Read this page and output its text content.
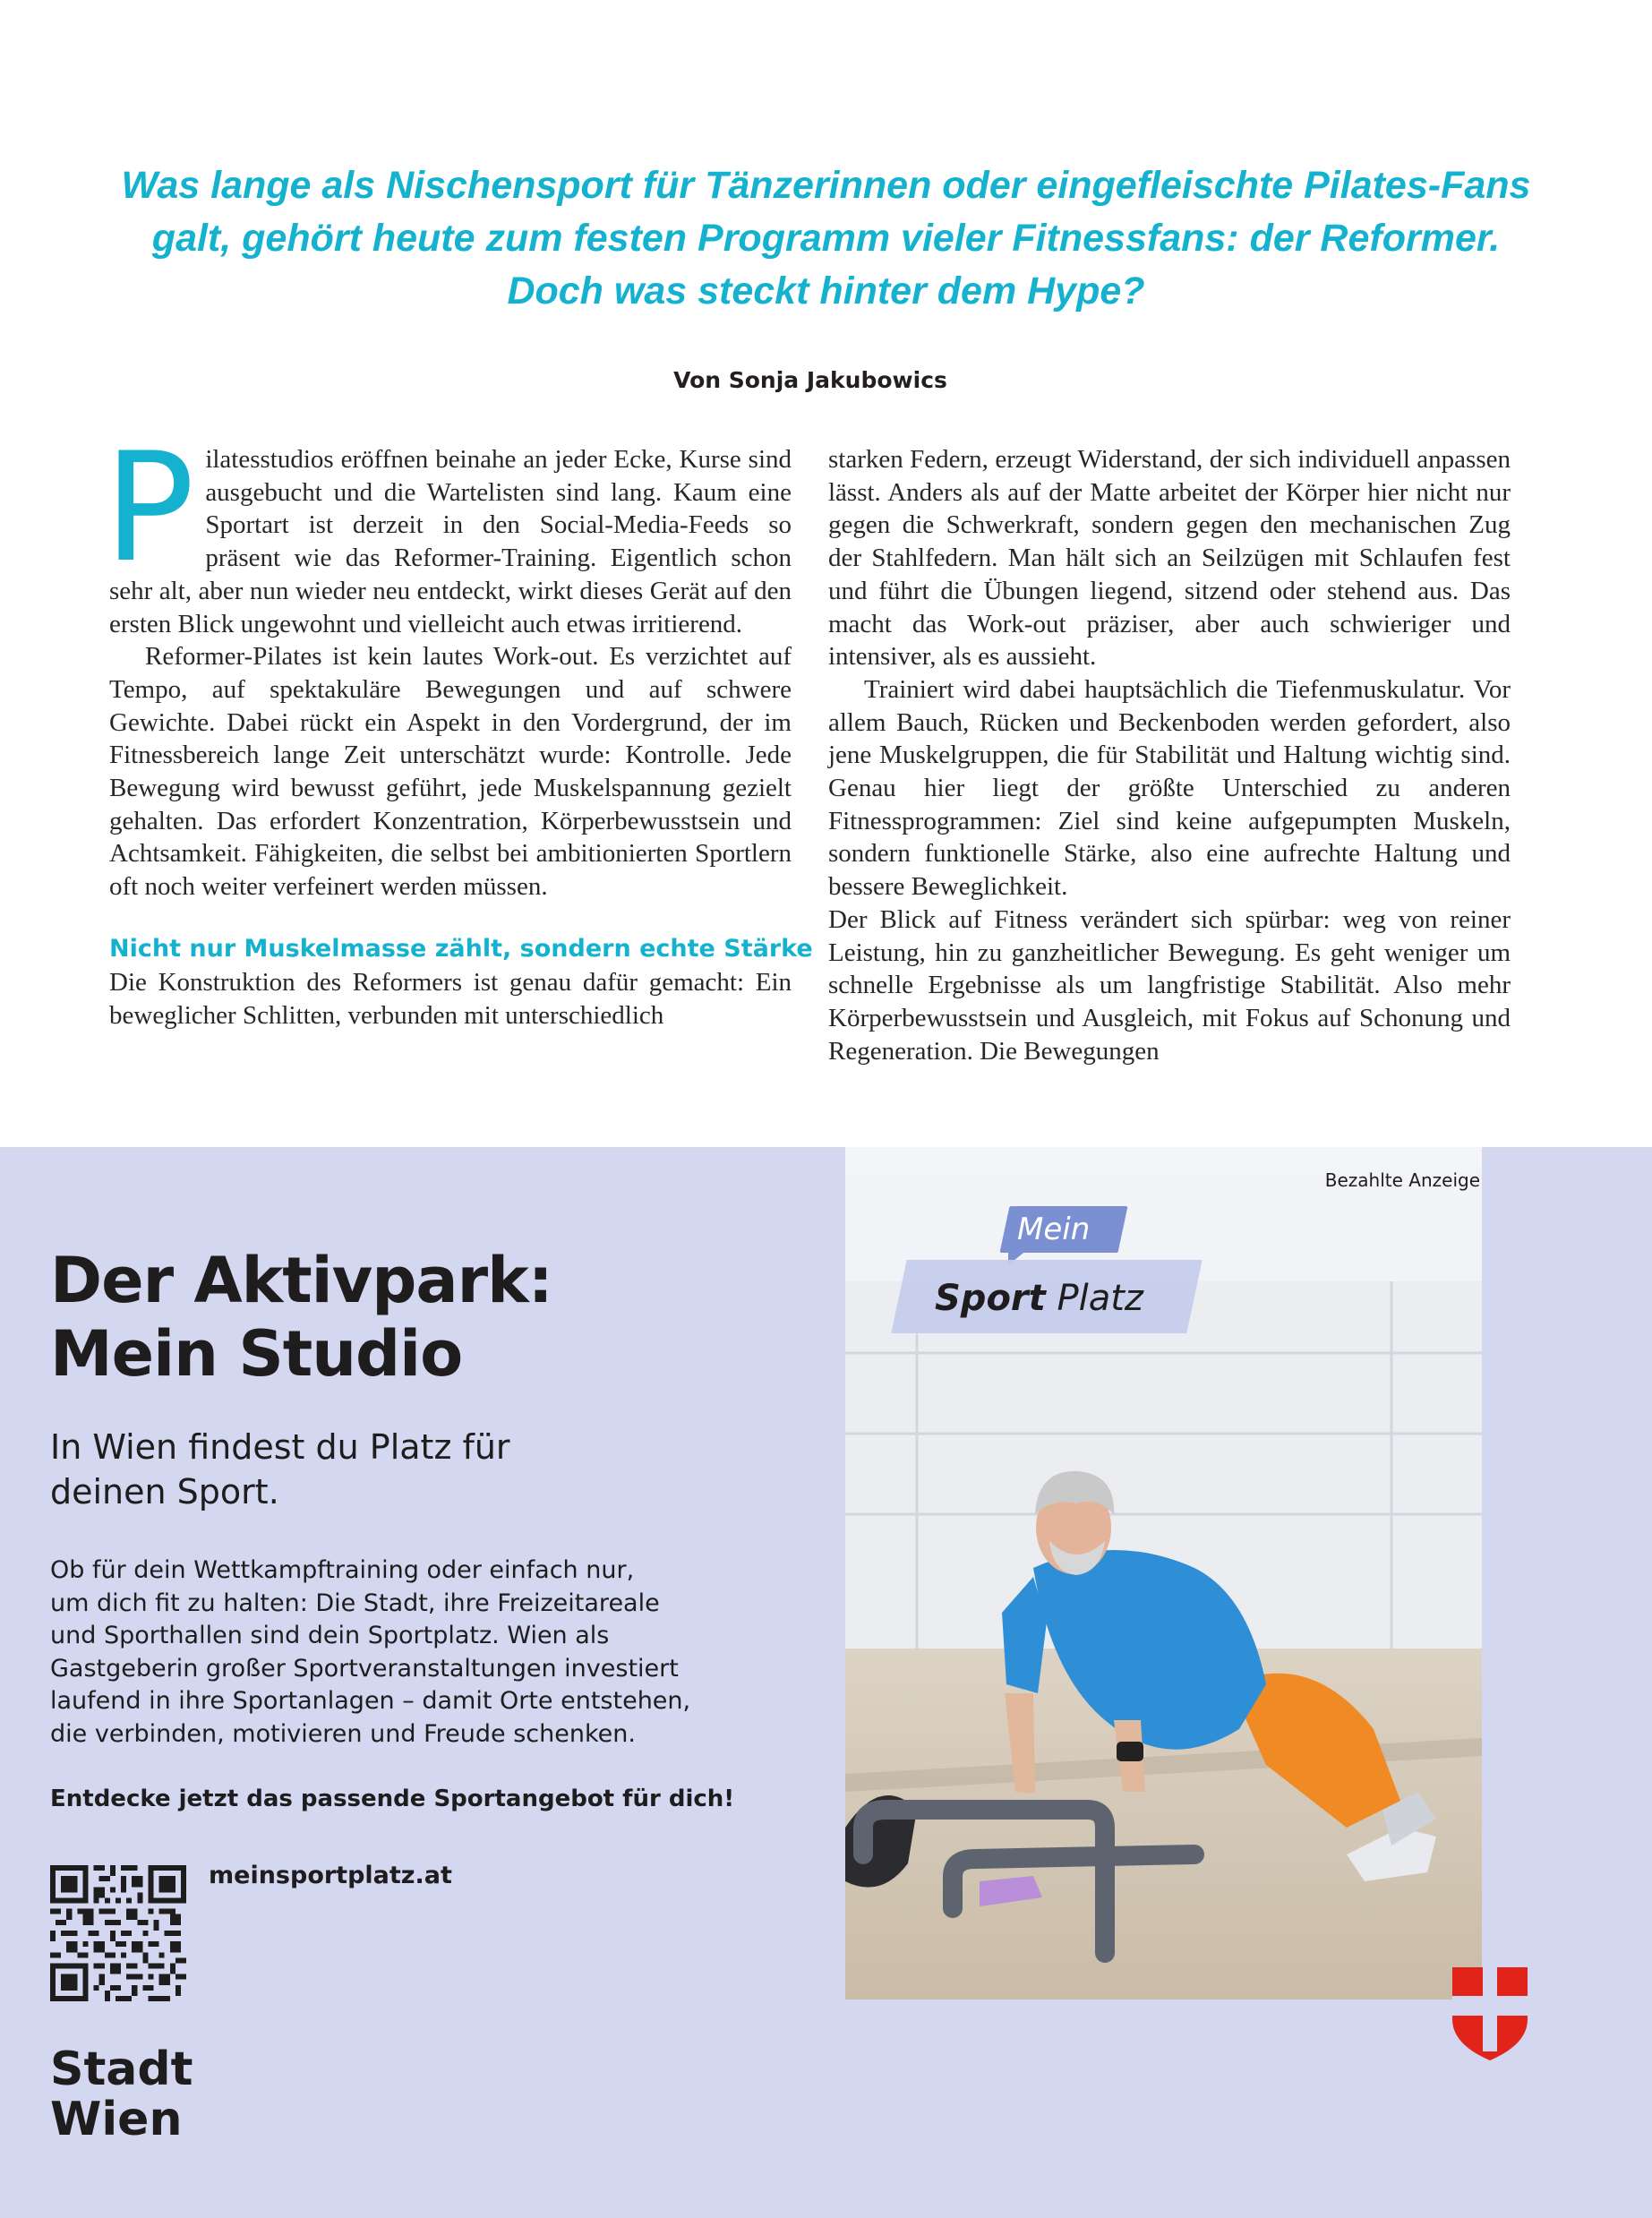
Was lange als Nischensport für Tänzerinnen oder eingefleischte Pilates-Fans
galt, gehört heute zum festen Programm vieler Fitnessfans: der Reformer.
Doch was steckt hinter dem Hype?
Von Sonja Jakubowics

Pilatesstudios eröffnen beinahe an jeder Ecke, Kurse sind ausgebucht und die Wartelisten sind lang. Kaum eine Sportart ist derzeit in den Social-Media-Feeds so präsent wie das Reformer-Training. Eigentlich schon sehr alt, aber nun wieder neu entdeckt, wirkt dieses Gerät auf den ersten Blick ungewohnt und vielleicht auch etwas irritierend.

Reformer-Pilates ist kein lautes Work-out. Es verzichtet auf Tempo, auf spektakuläre Bewegungen und auf schwere Gewichte. Dabei rückt ein Aspekt in den Vordergrund, der im Fitnessbereich lange Zeit unterschätzt wurde: Kontrolle. Jede Bewegung wird bewusst geführt, jede Muskelspannung gezielt gehalten. Das erfordert Konzentration, Körperbewusstsein und Achtsamkeit. Fähigkeiten, die selbst bei ambitionierten Sportlern oft noch weiter verfeinert werden müssen.

Nicht nur Muskelmasse zählt, sondern echte Stärke

Die Konstruktion des Reformers ist genau dafür gemacht: Ein beweglicher Schlitten, verbunden mit unterschiedlich

starken Federn, erzeugt Widerstand, der sich individuell anpassen lässt. Anders als auf der Matte arbeitet der Körper hier nicht nur gegen die Schwerkraft, sondern gegen den mechanischen Zug der Stahlfedern. Man hält sich an Seilzügen mit Schlaufen fest und führt die Übungen liegend, sitzend oder stehend aus. Das macht das Work-out präziser, aber auch schwieriger und intensiver, als es aussieht.

Trainiert wird dabei hauptsächlich die Tiefenmuskulatur. Vor allem Bauch, Rücken und Beckenboden werden gefordert, also jene Muskelgruppen, die für Stabilität und Haltung wichtig sind. Genau hier liegt der größte Unterschied zu anderen Fitnessprogrammen: Ziel sind keine aufgepumpten Muskeln, sondern funktionelle Stärke, also eine aufrechte Haltung und bessere Beweglichkeit.

Der Blick auf Fitness verändert sich spürbar: weg von reiner Leistung, hin zu ganzheitlicher Bewegung. Es geht weniger um schnelle Ergebnisse als um langfristige Stabilität. Also mehr Körperbewusstsein und Ausgleich, mit Fokus auf Schonung und Regeneration. Die Bewegungen

Der Aktivpark:
Mein Studio
In Wien findest du Platz für
deinen Sport.
Ob für dein Wettkampftraining oder einfach nur,
um dich fit zu halten: Die Stadt, ihre Freizeitareale
und Sporthallen sind dein Sportplatz. Wien als
Gastgeberin großer Sportveranstaltungen investiert
laufend in ihre Sportanlagen – damit Orte entstehen,
die verbinden, motivieren und Freude schenken.
Entdecke jetzt das passende Sportangebot für dich!
meinsportplatz.at
Stadt
Wien
Bezahlte Anzeige
Mein
Sport Platz
